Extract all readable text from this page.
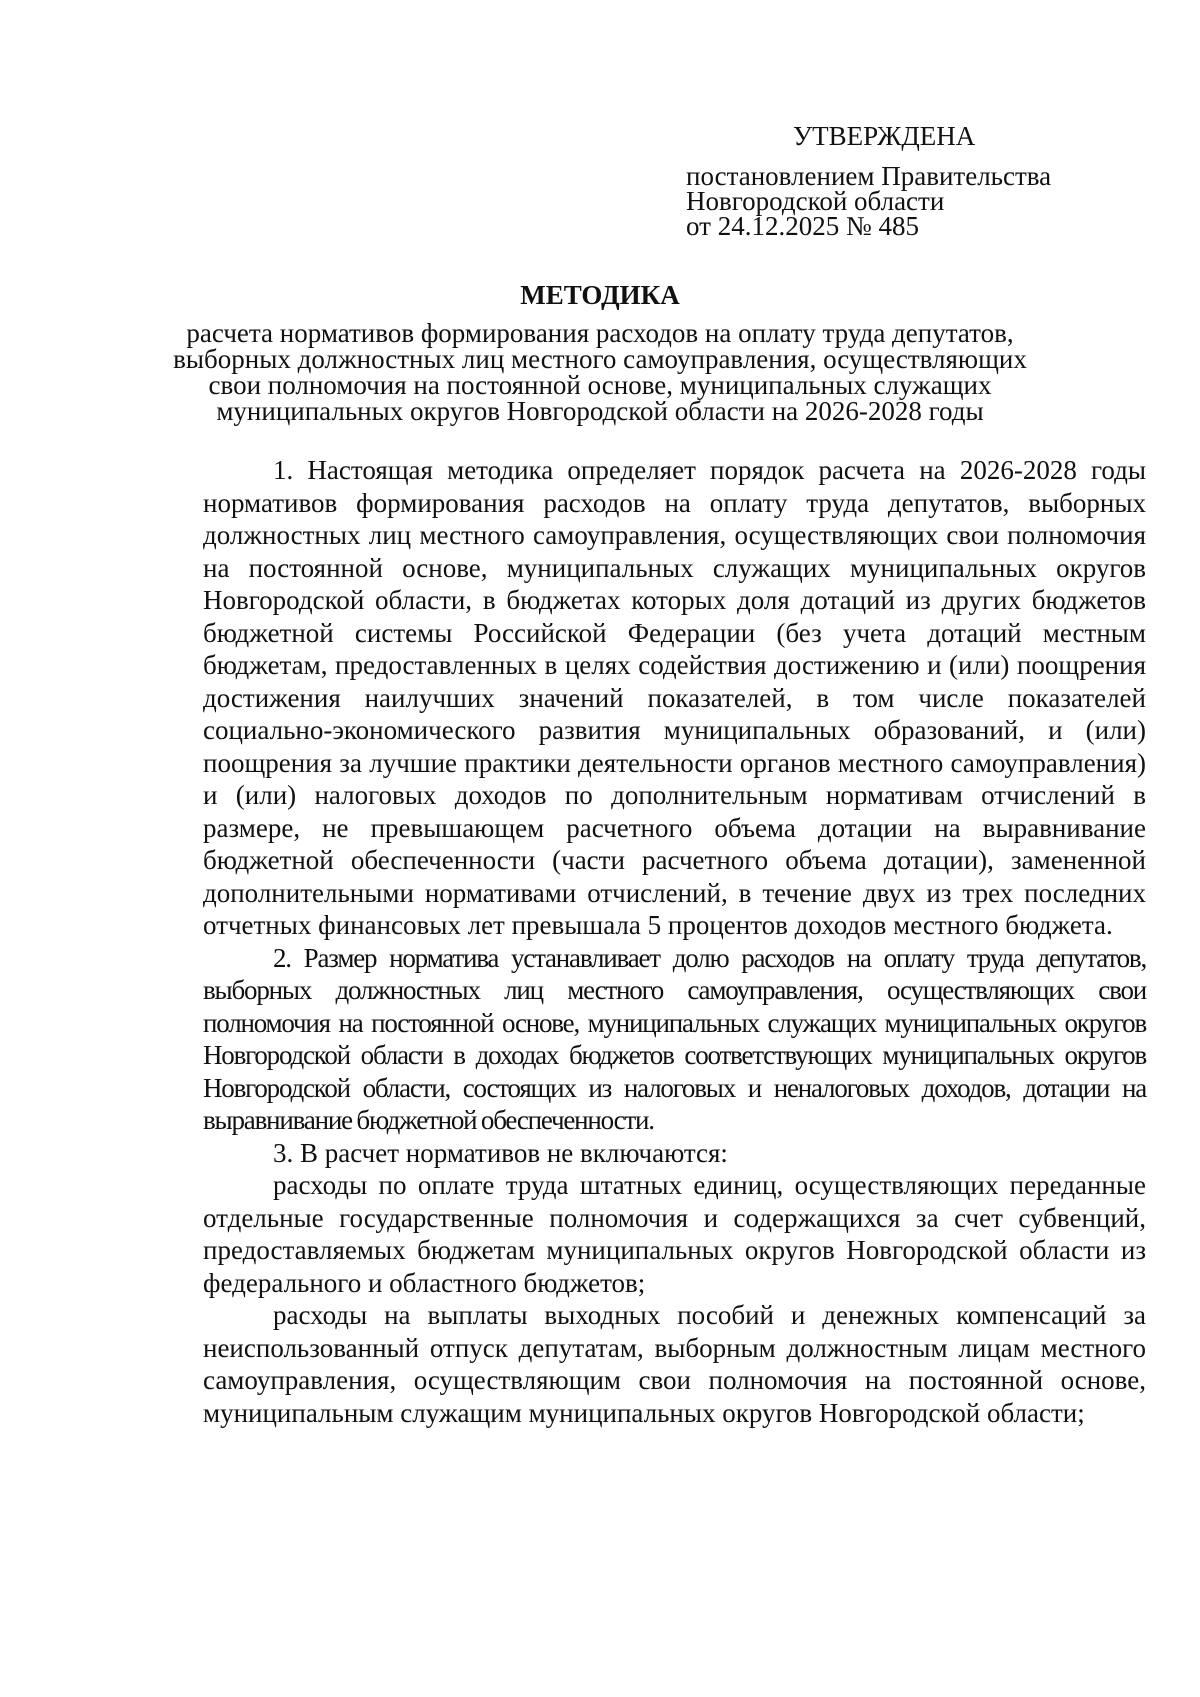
УТВЕРЖДЕНА
постановлением Правительства
Новгородской области
от 24.12.2025 № 485
МЕТОДИКА
расчета нормативов формирования расходов на оплату труда депутатов,
выборных должностных лиц местного самоуправления, осуществляющих
свои полномочия на постоянной основе, муниципальных служащих
муниципальных округов Новгородской области на 2026-2028 годы

1. Настоящая методика определяет порядок расчета на 2026-2028 годы нормативов формирования расходов на оплату труда депутатов, выборных должностных лиц местного самоуправления, осуществляющих свои полномочия на постоянной основе, муниципальных служащих муниципальных округов Новгородской области, в бюджетах которых доля дотаций из других бюджетов бюджетной системы Российской Федерации (без учета дотаций местным бюджетам, предоставленных в целях содействия достижению и (или) поощрения достижения наилучших значений показателей, в том числе показателей социально-экономического развития муниципальных образований, и (или) поощрения за лучшие практики деятельности органов местного самоуправления) и (или) налоговых доходов по дополнительным нормативам отчислений в размере, не превышающем расчетного объема дотации на выравнивание бюджетной обеспеченности (части расчетного объема дотации), замененной дополнительными нормативами отчислений, в течение двух из трех последних отчетных финансовых лет превышала 5 процентов доходов местного бюджета.

2. Размер норматива устанавливает долю расходов на оплату труда депутатов, выборных должностных лиц местного самоуправления, осуществляющих свои полномочия на постоянной основе, муниципальных служащих муниципальных округов Новгородской области в доходах бюджетов соответствующих муниципальных округов Новгородской области, состоящих из налоговых и неналоговых доходов, дотации на выравнивание бюджетной обеспеченности.

3. В расчет нормативов не включаются:

расходы по оплате труда штатных единиц, осуществляющих переданные отдельные государственные полномочия и содержащихся за счет субвенций, предоставляемых бюджетам муниципальных округов Новгородской области из федерального и областного бюджетов;

расходы на выплаты выходных пособий и денежных компенсаций за неиспользованный отпуск депутатам, выборным должностным лицам местного самоуправления, осуществляющим свои полномочия на постоянной основе, муниципальным служащим муниципальных округов Новгородской области;
